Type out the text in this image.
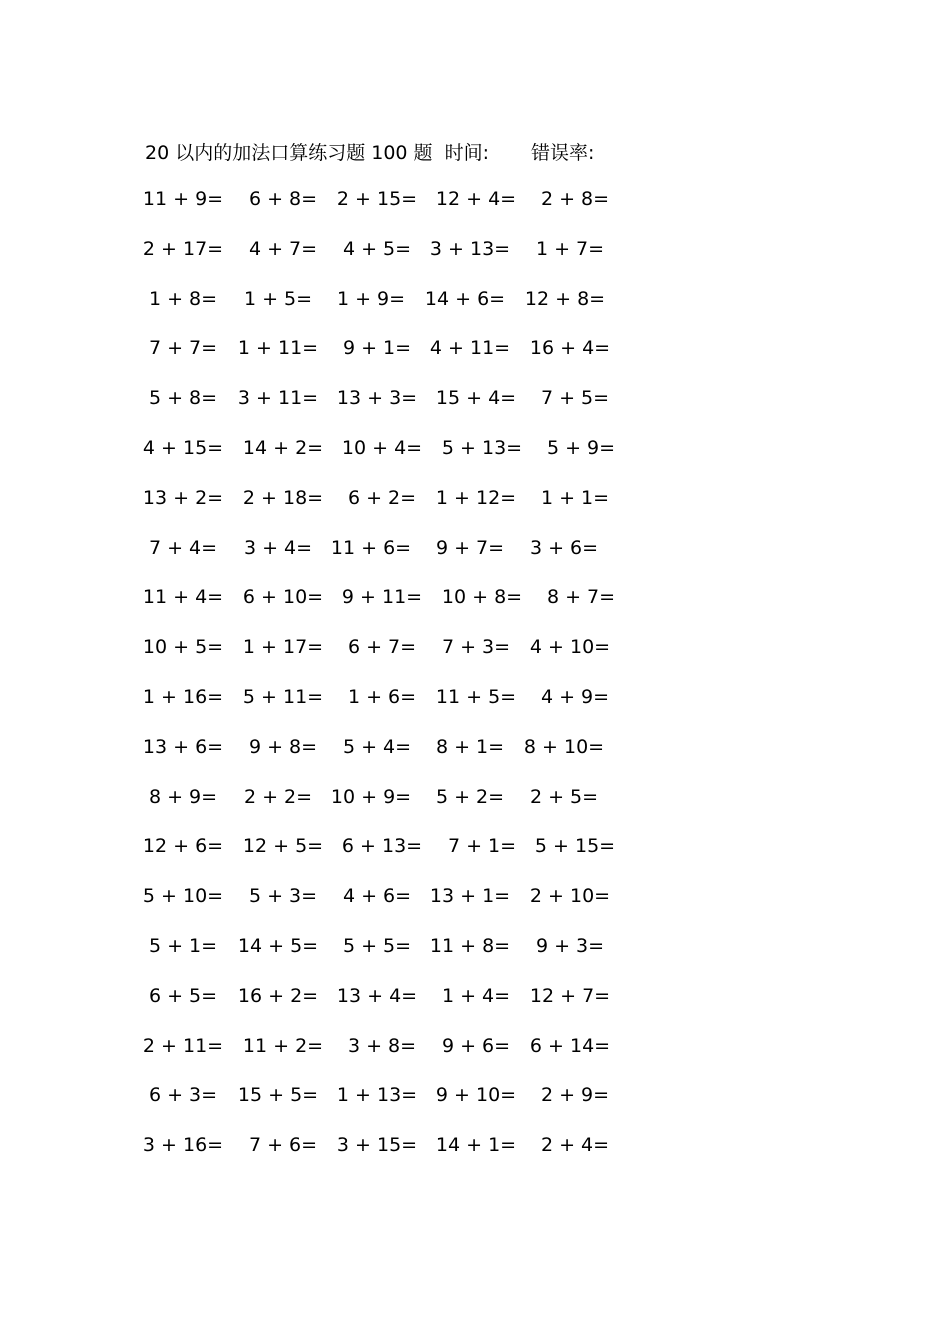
20 以内的加法口算练习题 100 题 时间: 错误率:
11 + 9= 6 + 8= 2 + 15= 12 + 4= 2 + 8=
2 + 17= 4 + 7= 4 + 5= 3 + 13= 1 + 7=
1 + 8= 1 + 5= 1 + 9= 14 + 6= 12 + 8=
7 + 7= 1 + 11= 9 + 1= 4 + 11= 16 + 4=
5 + 8= 3 + 11= 13 + 3= 15 + 4= 7 + 5=
4 + 15= 14 + 2= 10 + 4= 5 + 13= 5 + 9=
13 + 2= 2 + 18= 6 + 2= 1 + 12= 1 + 1=
7 + 4= 3 + 4= 11 + 6= 9 + 7= 3 + 6=
11 + 4= 6 + 10= 9 + 11= 10 + 8= 8 + 7=
10 + 5= 1 + 17= 6 + 7= 7 + 3= 4 + 10=
1 + 16= 5 + 11= 1 + 6= 11 + 5= 4 + 9=
13 + 6= 9 + 8= 5 + 4= 8 + 1= 8 + 10=
8 + 9= 2 + 2= 10 + 9= 5 + 2= 2 + 5=
12 + 6= 12 + 5= 6 + 13= 7 + 1= 5 + 15=
5 + 10= 5 + 3= 4 + 6= 13 + 1= 2 + 10=
5 + 1= 14 + 5= 5 + 5= 11 + 8= 9 + 3=
6 + 5= 16 + 2= 13 + 4= 1 + 4= 12 + 7=
2 + 11= 11 + 2= 3 + 8= 9 + 6= 6 + 14=
6 + 3= 15 + 5= 1 + 13= 9 + 10= 2 + 9=
3 + 16= 7 + 6= 3 + 15= 14 + 1= 2 + 4=
